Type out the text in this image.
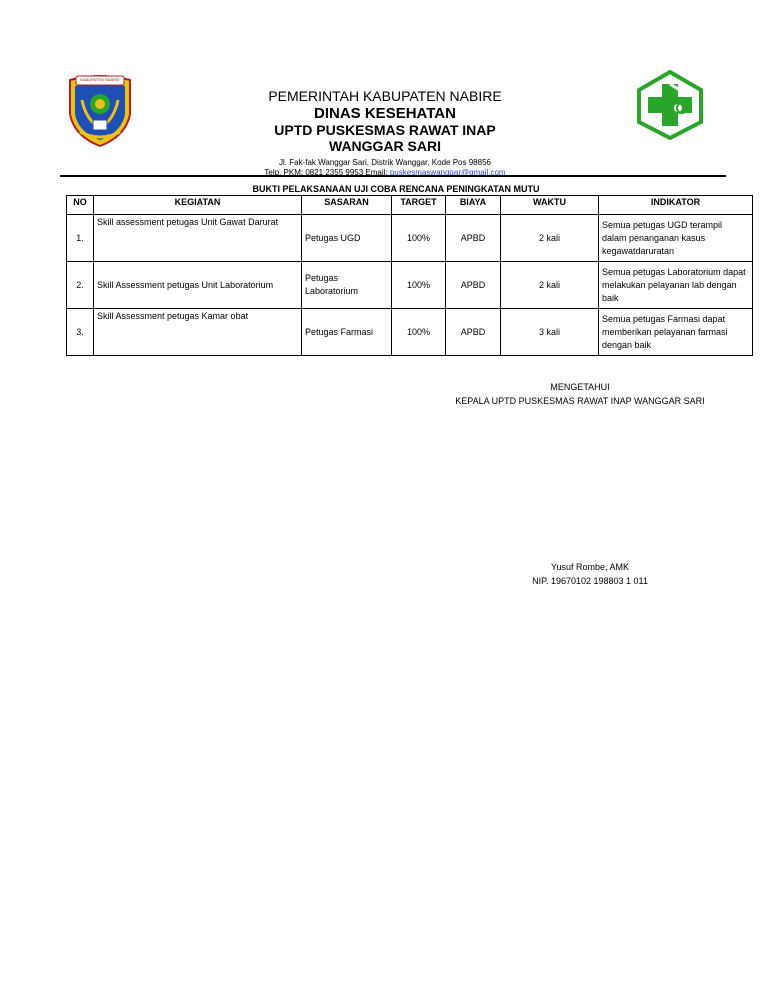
KABUPATEN NABIRE
PEMERINTAH KABUPATEN NABIRE
DINAS KESEHATAN
UPTD PUSKESMAS RAWAT INAP
WANGGAR SARI
Jl. Fak-fak Wanggar Sari, Distrik Wanggar, Kode Pos 98856
Telp. PKM: 0821 2355 9953 Email: puskesmaswanggar@gmail.com
BUKTI PELAKSANAAN UJI COBA RENCANA PENINGKATAN MUTU
NO	KEGIATAN	SASARAN	TARGET	BIAYA	WAKTU	INDIKATOR
1.	Skill assessment petugas Unit Gawat Darurat	Petugas UGD	100%	APBD	2 kali	Semua petugas UGD terampil dalam penanganan kasus kegawatdaruratan
2.	Skill Assessment petugas Unit Laboratorium	Petugas Laboratorium	100%	APBD	2 kali	Semua petugas Laboratorium dapat melakukan pelayanan lab dengan baik
3.	Skill Assessment petugas Kamar obat	Petugas Farmasi	100%	APBD	3 kali	Semua petugas Farmasi dapat memberikan pelayanan farmasi dengan baik
MENGETAHUI
KEPALA UPTD PUSKESMAS RAWAT INAP WANGGAR SARI
Yusuf Rombe, AMK
NIP. 19670102 198803 1 011
